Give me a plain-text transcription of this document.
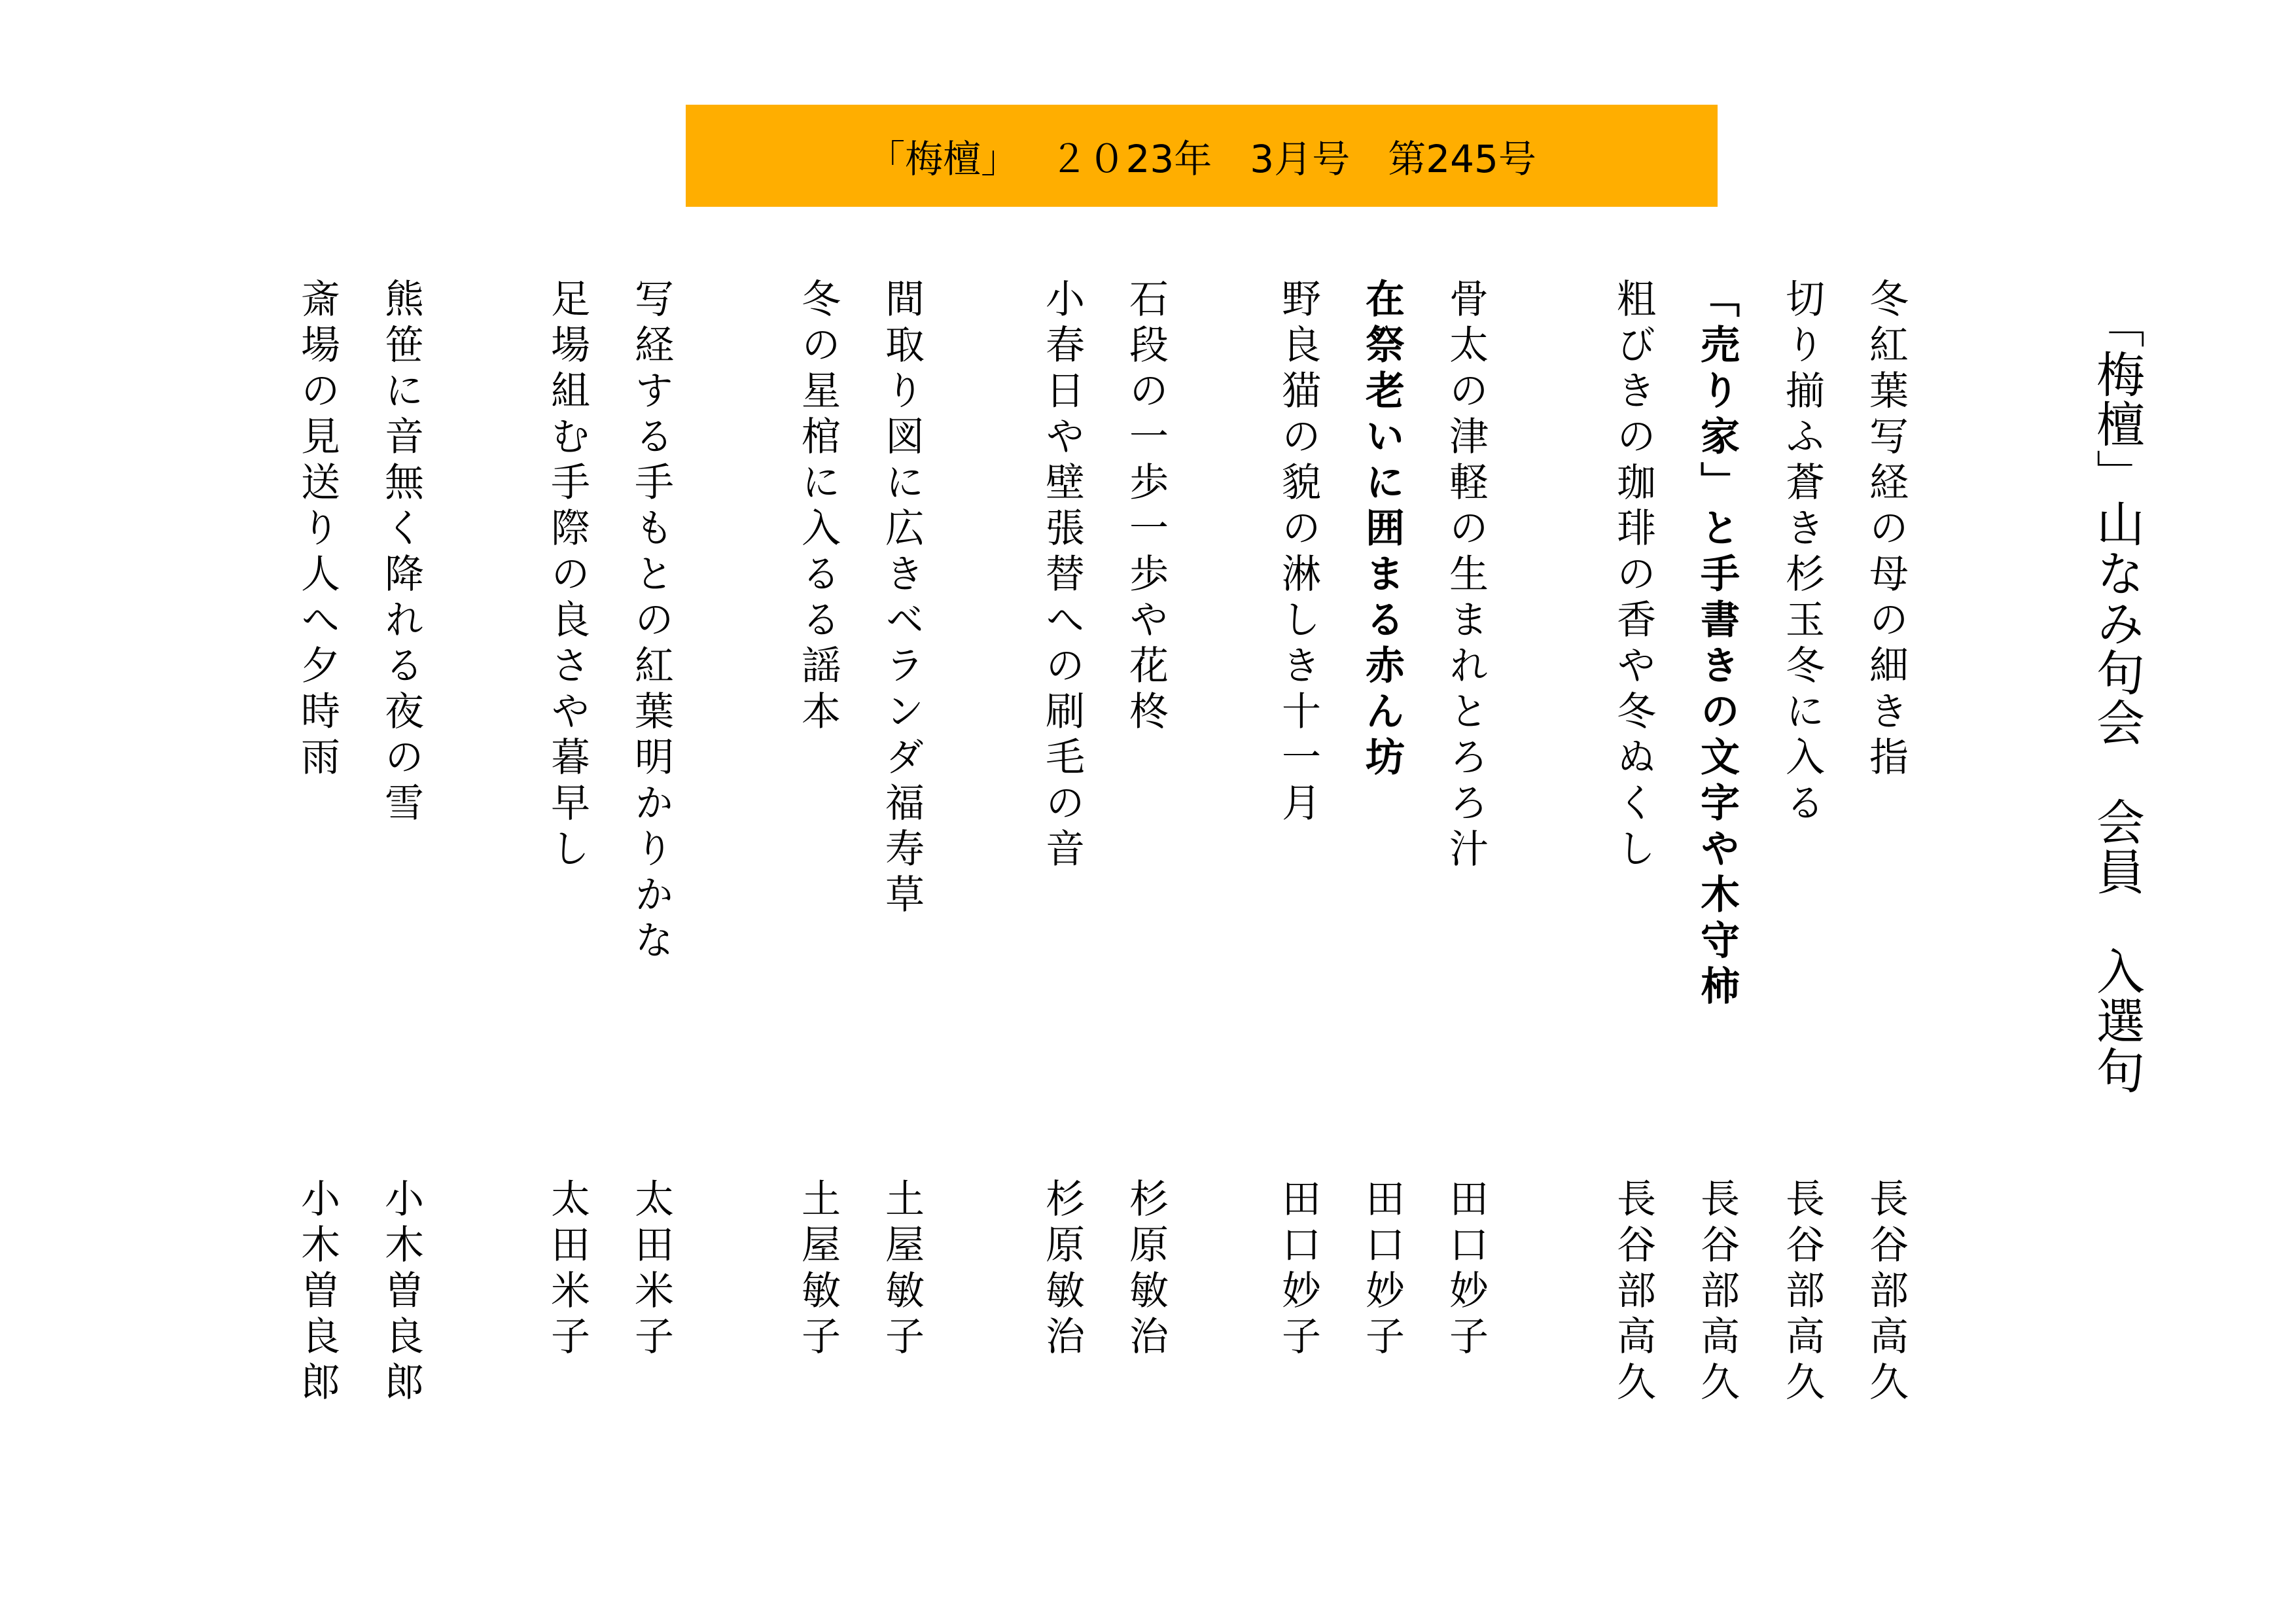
「梅檀」　 ２０23年　3月号　第245号
「梅檀」山なみ句会　会員　入選句
冬紅葉写経の母の細き指
長谷部高久
切り揃ふ蒼き杉玉冬に入る
長谷部高久
「売り家」と手書きの文字や木守柿
長谷部高久
粗びきの珈琲の香や冬ぬくし
長谷部高久
骨太の津軽の生まれとろろ汁
田口妙子
在祭老いに囲まる赤ん坊
田口妙子
野良猫の貌の淋しき十一月
田口妙子
石段の一歩一歩や花柊
杉原敏治
小春日や壁張替への刷毛の音
杉原敏治
間取り図に広きベランダ福寿草
土屋敏子
冬の星棺に入るる謡本
土屋敏子
写経する手もとの紅葉明かりかな
太田米子
足場組む手際の良さや暮早し
太田米子
熊笹に音無く降れる夜の雪
小木曽良郎
斎場の見送り人へ夕時雨
小木曽良郎
